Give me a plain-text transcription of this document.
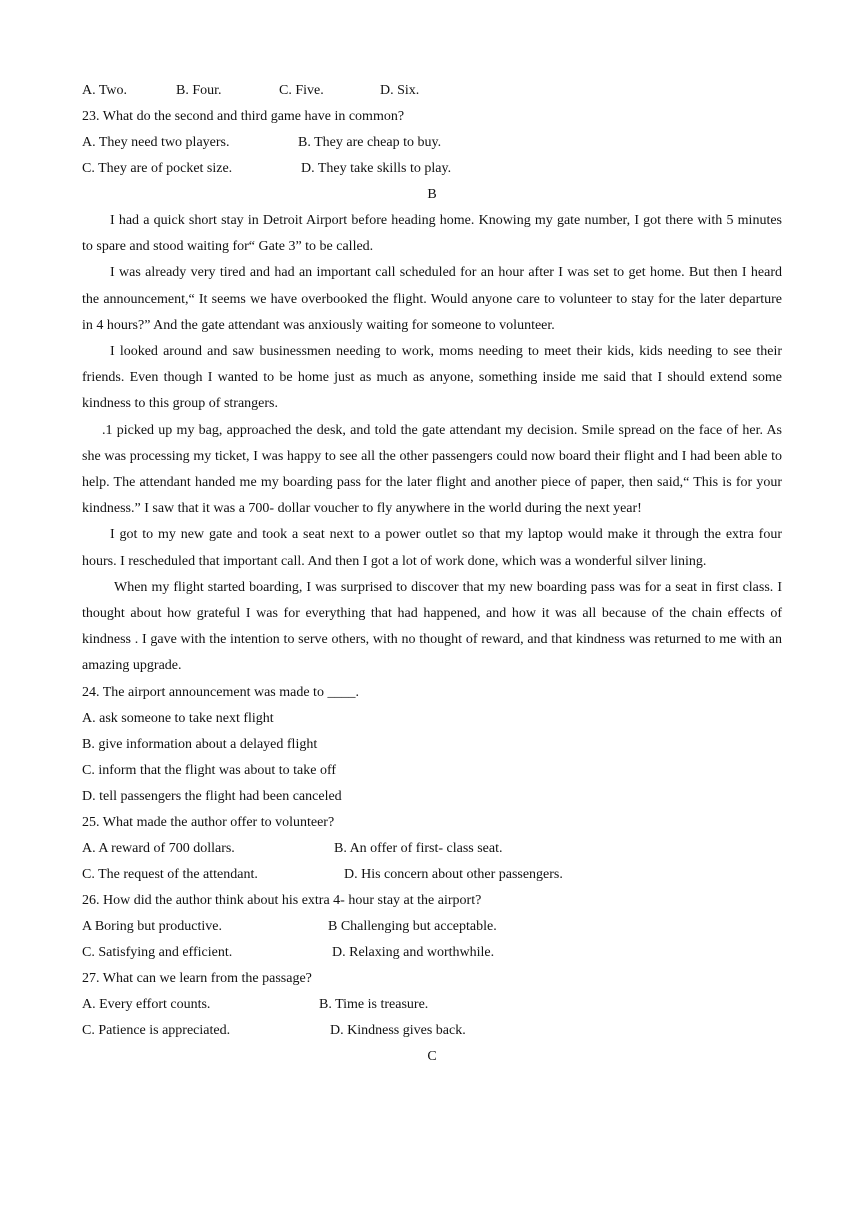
A. Two.	B. Four.	C. Five.	D. Six.
23. What do the second and third game have in common?
A. They need two players.	B. They are cheap to buy.
C. They are of pocket size.	D. They take skills to play.
B

I had a quick short stay in Detroit Airport before heading home. Knowing my gate number, I got there with 5 minutes to spare and stood waiting for“ Gate 3” to be called.

I was already very tired and had an important call scheduled for an hour after I was set to get home. But then I heard the announcement,“ It seems we have overbooked the flight. Would anyone care to volunteer to stay for the later departure in 4 hours?” And the gate attendant was anxiously waiting for someone to volunteer.

I looked around and saw businessmen needing to work, moms needing to meet their kids, kids needing to see their friends. Even though I wanted to be home just as much as anyone, something inside me said that I should extend some kindness to this group of strangers.

.1 picked up my bag, approached the desk, and told the gate attendant my decision. Smile spread on the face of her. As she was processing my ticket, I was happy to see all the other passengers could now board their flight and I had been able to help. The attendant handed me my boarding pass for the later flight and another piece of paper, then said,“ This is for your kindness.” I saw that it was a 700- dollar voucher to fly anywhere in the world during the next year!

I got to my new gate and took a seat next to a power outlet so that my laptop would make it through the extra four hours. I rescheduled that important call. And then I got a lot of work done, which was a wonderful silver lining.

When my flight started boarding, I was surprised to discover that my new boarding pass was for a seat in first class. I thought about how grateful I was for everything that had happened, and how it was all because of the chain effects of kindness . I gave with the intention to serve others, with no thought of reward, and that kindness was returned to me with an amazing upgrade.

24. The airport announcement was made to ____.
A. ask someone to take next flight
B. give information about a delayed flight
C. inform that the flight was about to take off
D. tell passengers the flight had been canceled
25. What made the author offer to volunteer?
A. A reward of 700 dollars.	B. An offer of first- class seat.
C. The request of the attendant.	D. His concern about other passengers.
26. How did the author think about his extra 4- hour stay at the airport?
A Boring but productive.	B Challenging but acceptable.
C. Satisfying and efficient.	D. Relaxing and worthwhile.
27. What can we learn from the passage?
A. Every effort counts.	B. Time is treasure.
C. Patience is appreciated.	D. Kindness gives back.
C
